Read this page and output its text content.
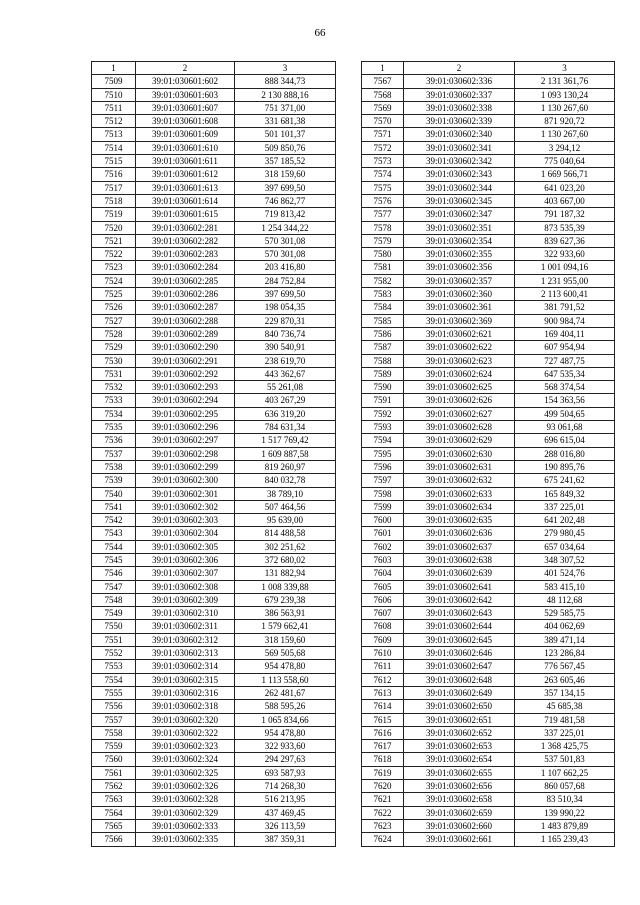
66
1	2	3
7509	39:01:030601:602	888 344,73
7510	39:01:030601:603	2 130 888,16
7511	39:01:030601:607	751 371,00
7512	39:01:030601:608	331 681,38
7513	39:01:030601:609	501 101,37
7514	39:01:030601:610	509 850,76
7515	39:01:030601:611	357 185,52
7516	39:01:030601:612	318 159,60
7517	39:01:030601:613	397 699,50
7518	39:01:030601:614	746 862,77
7519	39:01:030601:615	719 813,42
7520	39:01:030602:281	1 254 344,22
7521	39:01:030602:282	570 301,08
7522	39:01:030602:283	570 301,08
7523	39:01:030602:284	203 416,80
7524	39:01:030602:285	284 752,84
7525	39:01:030602:286	397 699,50
7526	39:01:030602:287	198 054,35
7527	39:01:030602:288	229 870,31
7528	39:01:030602:289	840 736,74
7529	39:01:030602:290	390 540,91
7530	39:01:030602:291	238 619,70
7531	39:01:030602:292	443 362,67
7532	39:01:030602:293	55 261,08
7533	39:01:030602:294	403 267,29
7534	39:01:030602:295	636 319,20
7535	39:01:030602:296	784 631,34
7536	39:01:030602:297	1 517 769,42
7537	39:01:030602:298	1 609 887,58
7538	39:01:030602:299	819 260,97
7539	39:01:030602:300	840 032,78
7540	39:01:030602:301	38 789,10
7541	39:01:030602:302	507 464,56
7542	39:01:030602:303	95 639,00
7543	39:01:030602:304	814 488,58
7544	39:01:030602:305	302 251,62
7545	39:01:030602:306	372 680,02
7546	39:01:030602:307	131 882,94
7547	39:01:030602:308	1 008 339,88
7548	39:01:030602:309	679 239,38
7549	39:01:030602:310	386 563,91
7550	39:01:030602:311	1 579 662,41
7551	39:01:030602:312	318 159,60
7552	39:01:030602:313	569 505,68
7553	39:01:030602:314	954 478,80
7554	39:01:030602:315	1 113 558,60
7555	39:01:030602:316	262 481,67
7556	39:01:030602:318	588 595,26
7557	39:01:030602:320	1 065 834,66
7558	39:01:030602:322	954 478,80
7559	39:01:030602:323	322 933,60
7560	39:01:030602:324	294 297,63
7561	39:01:030602:325	693 587,93
7562	39:01:030602:326	714 268,30
7563	39:01:030602:328	516 213,95
7564	39:01:030602:329	437 469,45
7565	39:01:030602:333	326 113,59
7566	39:01:030602:335	387 359,31
1	2	3
7567	39:01:030602:336	2 131 361,76
7568	39:01:030602:337	1 093 130,24
7569	39:01:030602:338	1 130 267,60
7570	39:01:030602:339	871 920,72
7571	39:01:030602:340	1 130 267,60
7572	39:01:030602:341	3 294,12
7573	39:01:030602:342	775 040,64
7574	39:01:030602:343	1 669 566,71
7575	39:01:030602:344	641 023,20
7576	39:01:030602:345	403 667,00
7577	39:01:030602:347	791 187,32
7578	39:01:030602:351	873 535,39
7579	39:01:030602:354	839 627,36
7580	39:01:030602:355	322 933,60
7581	39:01:030602:356	1 001 094,16
7582	39:01:030602:357	1 231 955,00
7583	39:01:030602:360	2 113 600,41
7584	39:01:030602:361	381 791,52
7585	39:01:030602:369	900 984,74
7586	39:01:030602:621	169 404,11
7587	39:01:030602:622	607 954,94
7588	39:01:030602:623	727 487,75
7589	39:01:030602:624	647 535,34
7590	39:01:030602:625	568 374,54
7591	39:01:030602:626	154 363,56
7592	39:01:030602:627	499 504,65
7593	39:01:030602:628	93 061,68
7594	39:01:030602:629	696 615,04
7595	39:01:030602:630	288 016,80
7596	39:01:030602:631	190 895,76
7597	39:01:030602:632	675 241,62
7598	39:01:030602:633	165 849,32
7599	39:01:030602:634	337 225,01
7600	39:01:030602:635	641 202,48
7601	39:01:030602:636	279 980,45
7602	39:01:030602:637	657 034,64
7603	39:01:030602:638	348 307,52
7604	39:01:030602:639	401 524,76
7605	39:01:030602:641	583 415,10
7606	39:01:030602:642	48 112,68
7607	39:01:030602:643	529 585,75
7608	39:01:030602:644	404 062,69
7609	39:01:030602:645	389 471,14
7610	39:01:030602:646	123 286,84
7611	39:01:030602:647	776 567,45
7612	39:01:030602:648	263 605,46
7613	39:01:030602:649	357 134,15
7614	39:01:030602:650	45 685,38
7615	39:01:030602:651	719 481,58
7616	39:01:030602:652	337 225,01
7617	39:01:030602:653	1 368 425,75
7618	39:01:030602:654	537 501,83
7619	39:01:030602:655	1 107 662,25
7620	39:01:030602:656	860 057,68
7621	39:01:030602:658	83 510,34
7622	39:01:030602:659	139 990,22
7623	39:01:030602:660	1 483 879,89
7624	39:01:030602:661	1 165 239,43
